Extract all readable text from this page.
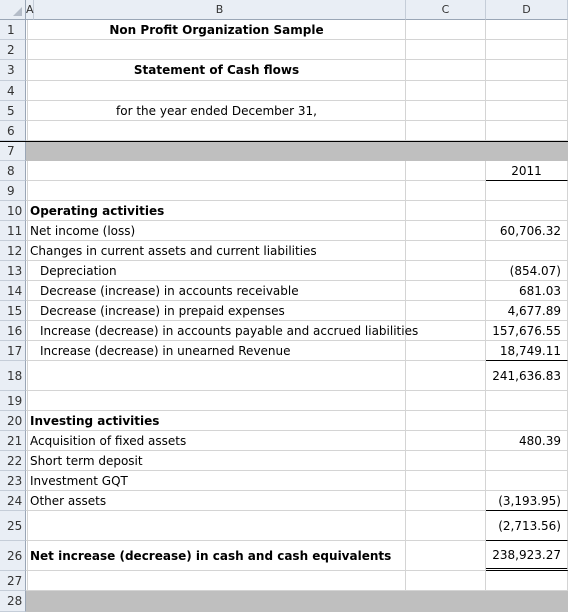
A	B	C	D
1	Non Profit Organization Sample
2
3	Statement of Cash flows
4
5	for the year ended December 31,
6
7
8	2011
9
10 Operating activities
11 Net income (loss)	60,706.32
12 Changes in current assets and current liabilities
13	Depreciation	(854.07)
14	Decrease (increase) in accounts receivable	681.03
15	Decrease (increase) in prepaid expenses	4,677.89
16	Increase (decrease) in accounts payable and accrued liabilities	157,676.55
17	Increase (decrease) in unearned Revenue	18,749.11
18	241,636.83
19
20 Investing activities
21 Acquisition of fixed assets	480.39
22 Short term deposit
23 Investment GQT
24 Other assets	(3,193.95)
25	(2,713.56)
26 Net increase (decrease) in cash and cash equivalents	238,923.27
27
28
